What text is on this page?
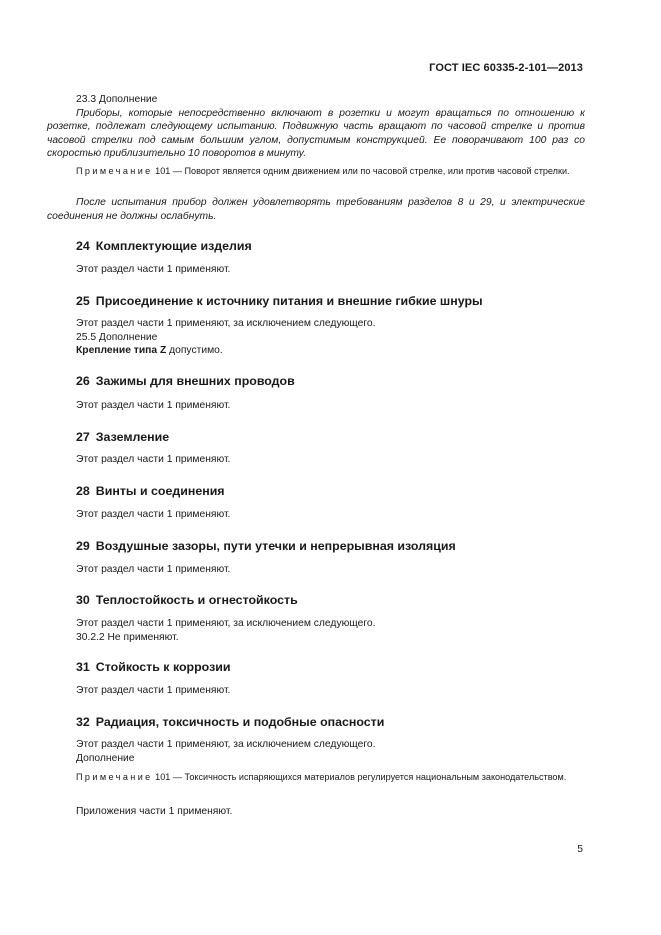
ГОСТ IEC 60335-2-101—2013

23.3 Дополнение

Приборы, которые непосредственно включают в розетки и могут вращаться по отношению к розетке, подлежат следующему испытанию. Подвижную часть вращают по часовой стрелке и против часовой стрелки под самым большим углом, допустимым конструкцией. Ее поворачивают 100 раз со скоростью приблизительно 10 поворотов в минуту.

Примечание 101 — Поворот является одним движением или по часовой стрелке, или против часовой стрелки.

После испытания прибор должен удовлетворять требованиям разделов 8 и 29, и электрические соединения не должны ослабнуть.

24 Комплектующие изделия

Этот раздел части 1 применяют.

25 Присоединение к источнику питания и внешние гибкие шнуры

Этот раздел части 1 применяют, за исключением следующего.

25.5 Дополнение

Крепление типа Z допустимо.

26 Зажимы для внешних проводов

Этот раздел части 1 применяют.

27 Заземление

Этот раздел части 1 применяют.

28 Винты и соединения

Этот раздел части 1 применяют.

29 Воздушные зазоры, пути утечки и непрерывная изоляция

Этот раздел части 1 применяют.

30 Теплостойкость и огнестойкость

Этот раздел части 1 применяют, за исключением следующего.

30.2.2 Не применяют.

31 Стойкость к коррозии

Этот раздел части 1 применяют.

32 Радиация, токсичность и подобные опасности

Этот раздел части 1 применяют, за исключением следующего.

Дополнение

Примечание 101 — Токсичность испаряющихся материалов регулируется национальным законодательством.

Приложения части 1 применяют.

5
